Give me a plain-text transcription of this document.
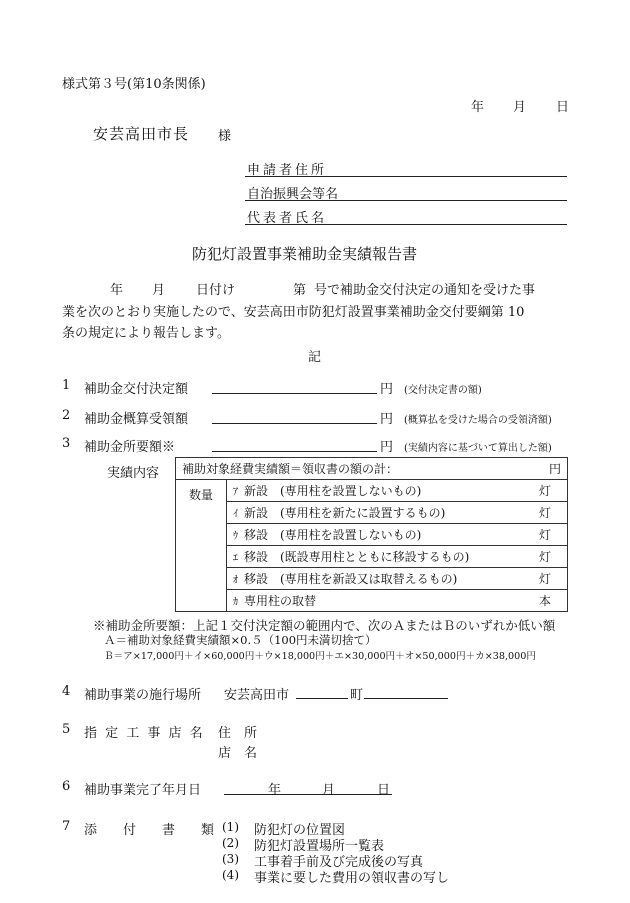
様式第３号(第10条関係)
年 月 日
安芸高田市長 様
申請者住所
自治振興会等名
代表者氏名
防犯灯設置事業補助金実績報告書
年 月 日付け	第 号で補助金交付決定の通知を受けた事
業を次のとおり実施したので、安芸高田市防犯灯設置事業補助金交付要綱第 10
条の規定により報告します。
記
1 補助金交付決定額	円 (交付決定書の額)
2 補助金概算受領額	円 (概算払を受けた場合の受領済額)
3 補助金所要額※	円 (実績内容に基づいて算出した額)
実績内容 補助対象経費実績額＝領収書の額の計：	円

数量	ｱ 新設　(専用柱を設置しないもの)	灯

ｲ 新設　(専用柱を新たに設置するもの)	灯

ｳ 移設　(専用柱を設置しないもの)	灯

ｴ 移設　(既設専用柱とともに移設するもの)	灯

ｵ 移設　(専用柱を新設又は取替えるもの)	灯

ｶ 専用柱の取替	本
※補助金所要額：上記１交付決定額の範囲内で、次のＡまたはＢのいずれか低い額
Ａ＝補助対象経費実績額×0.５（100円未満切捨て）
Ｂ＝ア×17,000円＋イ×60,000円＋ウ×18,000円＋エ×30,000円＋オ×50,000円＋カ×38,000円
4 補助事業の施行場所 安芸高田市	町
5 指 定 工 事 店 名 住　所
店　名
6 補助事業完了年月日	年	月	日
7 添　　付　　書　　類 (1) 防犯灯の位置図
(2) 防犯灯設置場所一覧表
(3) 工事着手前及び完成後の写真
(4) 事業に要した費用の領収書の写し
